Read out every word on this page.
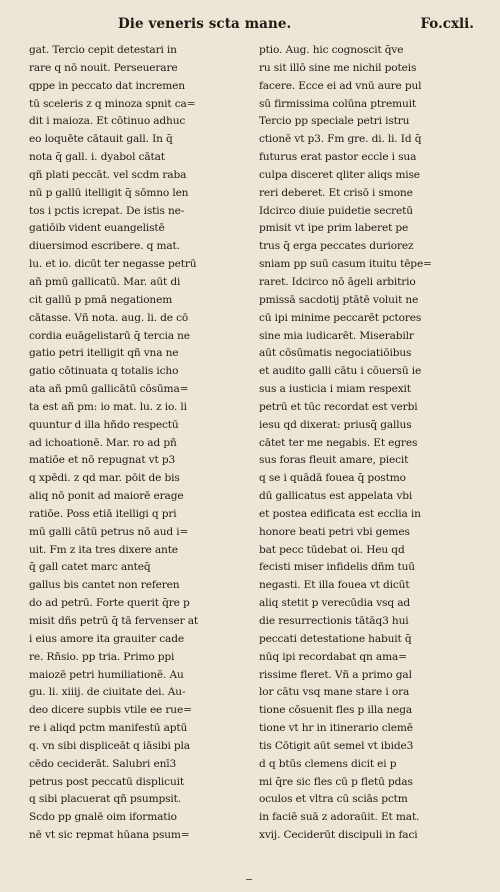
Die veneris scta mane.	Fo.cxli.
gat. Tercio cepit detestari in
rare q nō nouit. Perseuerare
qppe in peccato dat incremen
tū sceleris z q minoza spnit ca=
dit i maioza. Et cōtinuo adhuc
eo loquēte cātauit gall. In q̄
nota q̄ gall. i. dyabol cātat
qñ plati peccāt. vel scdm raba
nū p gallū itelligit q̄ sōmno len
tos i pctis icrepat. De istis ne-
gatiōib vident euangelistē
diuersimod escribere. q mat.
lu. et io. dicūt ter negasse petrū
añ pmū gallicatū. Mar. aūt di
cit gallū p pmā negationem
cātasse. Vñ nota. aug. li. de cō
cordia euāgelistarū q̄ tercia ne
gatio petri itelligit qñ vna ne
gatio cōtinuata q totalis icho
ata añ pmū gallicātū cōsūma=
ta est añ pm: io mat. lu. z io. li
quuntur d illa hñdo respectū
ad ichoationē. Mar. ro ad pñ
matiōe et nō repugnat vt p3
q xpēdi. z qd mar. pōit de bis
aliq nō ponit ad maiorē erage
ratiōe. Poss etiā itelligi q pri
mū galli cātū petrus nō aud i=
uit. Fm z ita tres dixere ante
q̄ gall catet marc anteq̄
gallus bis cantet non referen
do ad petrū. Forte querit q̄re p
misit dñs petrū q̄ tā fervenser at
i eius amore ita grauiter cade
re. Rñsio. pp tria. Primo ppi
maiozē petri humiliationē. Au
gu. li. xiiij. de ciuitate dei. Au-
deo dicere supbis vtile ee rue=
re i aliqd pctm manifestū aptū
q. vn sibi displiceāt q iāsibi pla
cēdo ceciderāt. Salubri enī3
petrus post peccatū displicuit
q sibi placuerat qñ psumpsit.
Scdo pp gnalē oim iformatio
nē vt sic repmat hūana psum=
ptio. Aug. hic cognoscit q̄ve
ru sit illō sine me nichil poteis
facere. Ecce ei ad vnū aure pul
sū firmissima colūna ptremuit
Tercio pp speciale petri istru
ctionē vt p3. Fm gre. di. li. Id q̄
futurus erat pastor eccle i sua
culpa disceret qliter aliqs mise
reri deberet. Et crisō i smone
Idcirco diuie puidetie secretū
pmisit vt ipe prim laberet pe
trus q̄ erga peccates duriorez
sniam pp suū casum ituitu tēpe=
raret. Idcirco nō āgeli arbitrio
pmissā sacdotij ptātē voluit ne
cū ipi minime peccarēt pctores
sine mia iudicarēt. Miserabilr
aūt cōsūmatis negociatiōibus
et audito galli cātu i cōuersū ie
sus a iusticia i miam respexit
petrū et tūc recordat est verbi
iesu qd dixerat: priusq̄ gallus
cātet ter me negabis. Et egres
sus foras fleuit amare, piecit
q se i quādā fouea q̄ postmo
dū gallicatus est appelata vbi
et postea edificata est ecclia in
honore beati petri vbi gemes
bat pecc tūdebat oi. Heu qd
fecisti miser infidelis dñm tuū
negasti. Et illa fouea vt dicūt
aliq stetit p verecūdia vsq ad
die resurrectionis tātāq3 hui
peccati detestatione habuit q̄
nūq ipi recordabat qn ama=
rissime fleret. Vñ a primo gal
lor cātu vsq mane stare i ora
tione cōsuenit fles p illa nega
tione vt hr in itinerario clemē
tis Cōtigit aūt semel vt ibide3
d q btūs clemens dicit ei p
mi q̄re sic fles cū p fletū pdas
oculos et vltra cū sciās pctm
in faciē suā z adoraūit. Et mat.
xvij. Ceciderūt discipuli in faci
